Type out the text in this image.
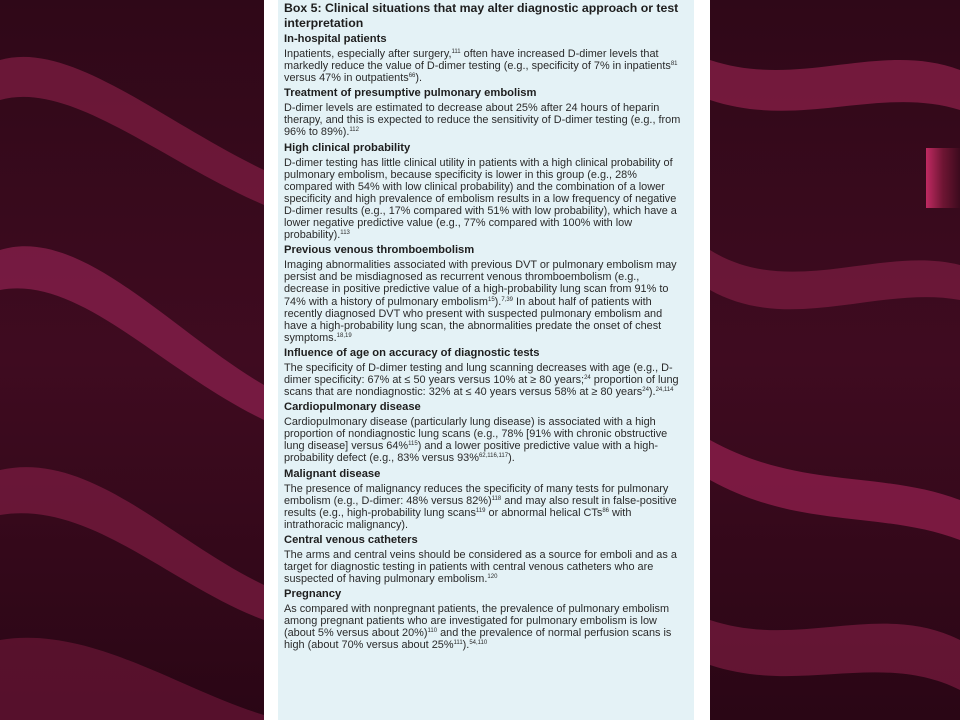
Box 5: Clinical situations that may alter diagnostic approach or test interpretation
In-hospital patients
Inpatients, especially after surgery,$^{111}$ often have increased D-dimer levels that markedly reduce the value of D-dimer testing (e.g., specificity of 7% in inpatients$^{81}$ versus 47% in outpatients$^{66}$).
Treatment of presumptive pulmonary embolism
D-dimer levels are estimated to decrease about 25% after 24 hours of heparin therapy, and this is expected to reduce the sensitivity of D-dimer testing (e.g., from 96% to 89%).$^{112}$
High clinical probability
D-dimer testing has little clinical utility in patients with a high clinical probability of pulmonary embolism, because specificity is lower in this group (e.g., 28% compared with 54% with low clinical probability) and the combination of a lower specificity and high prevalence of embolism results in a low frequency of negative D-dimer results (e.g., 17% compared with 51% with low probability), which have a lower negative predictive value (e.g., 77% compared with 100% with low probability).$^{113}$
Previous venous thromboembolism
Imaging abnormalities associated with previous DVT or pulmonary embolism may persist and be misdiagnosed as recurrent venous thromboembolism (e.g., decrease in positive predictive value of a high-probability lung scan from 91% to 74% with a history of pulmonary embolism$^{15}$).$^{7,39}$ In about half of patients with recently diagnosed DVT who present with suspected pulmonary embolism and have a high-probability lung scan, the abnormalities predate the onset of chest symptoms.$^{18,19}$
Influence of age on accuracy of diagnostic tests
The specificity of D-dimer testing and lung scanning decreases with age (e.g., D-dimer specificity: 67% at ≤ 50 years versus 10% at ≥ 80 years;$^{24}$ proportion of lung scans that are nondiagnostic: 32% at ≤ 40 years versus 58% at ≥ 80 years$^{24}$).$^{24,114}$
Cardiopulmonary disease
Cardiopulmonary disease (particularly lung disease) is associated with a high proportion of nondiagnostic lung scans (e.g., 78% [91% with chronic obstructive lung disease] versus 64%$^{115}$) and a lower positive predictive value with a high-probability defect (e.g., 83% versus 93%$^{62,116,117}$).
Malignant disease
The presence of malignancy reduces the specificity of many tests for pulmonary embolism (e.g., D-dimer: 48% versus 82%)$^{118}$ and may also result in false-positive results (e.g., high-probability lung scans$^{119}$ or abnormal helical CTs$^{86}$ with intrathoracic malignancy).
Central venous catheters
The arms and central veins should be considered as a source for emboli and as a target for diagnostic testing in patients with central venous catheters who are suspected of having pulmonary embolism.$^{120}$
Pregnancy
As compared with nonpregnant patients, the prevalence of pulmonary embolism among pregnant patients who are investigated for pulmonary embolism is low (about 5% versus about 20%)$^{110}$ and the prevalence of normal perfusion scans is high (about 70% versus about 25%$^{111}$).$^{54,110}$
